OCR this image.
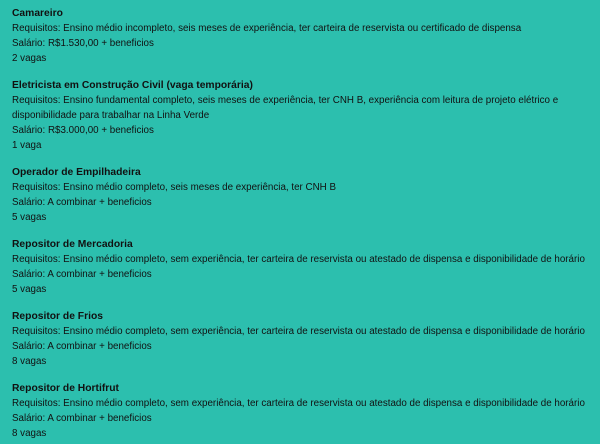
Camareiro
Requisitos: Ensino médio incompleto, seis meses de experiência, ter carteira de reservista ou certificado de dispensa
Salário: R$1.530,00 + beneficios
2 vagas
Eletricista em Construção Civil (vaga temporária)
Requisitos: Ensino fundamental completo, seis meses de experiência, ter CNH B, experiência com leitura de projeto elétrico e disponibilidade para trabalhar na Linha Verde
Salário: R$3.000,00 + beneficios
1 vaga
Operador de Empilhadeira
Requisitos: Ensino médio completo, seis meses de experiência, ter CNH B
Salário: A combinar + beneficios
5 vagas
Repositor de Mercadoria
Requisitos: Ensino médio completo, sem experiência, ter carteira de reservista ou atestado de dispensa e disponibilidade de horário
Salário: A combinar + beneficios
5 vagas
Repositor de Frios
Requisitos: Ensino médio completo, sem experiência, ter carteira de reservista ou atestado de dispensa e disponibilidade de horário
Salário: A combinar + beneficios
8 vagas
Repositor de Hortifrut
Requisitos: Ensino médio completo, sem experiência, ter carteira de reservista ou atestado de dispensa e disponibilidade de horário
Salário: A combinar + beneficios
8 vagas
